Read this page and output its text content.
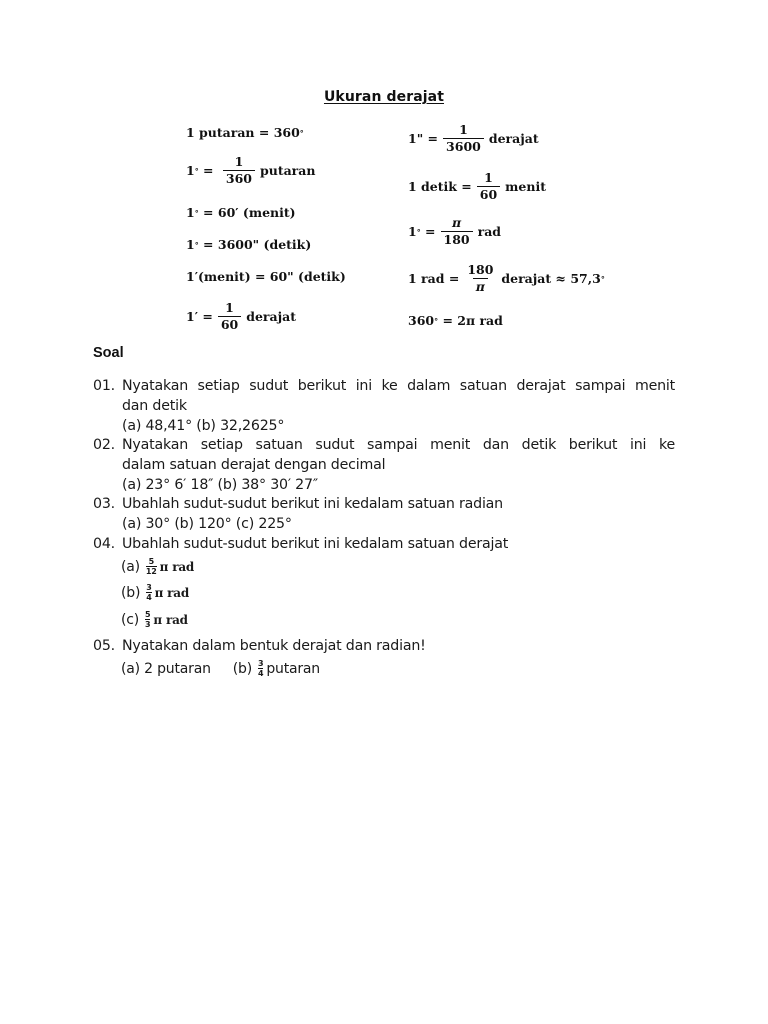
Ukuran derajat
1 putaran = 360 °
1 ° = $\frac{1}{360}$ putaran
1 ° = 60′ (menit)
1 ° = 3600" (detik)
1′(menit) = 60" (detik)
$1' = \frac{1}{60}$ derajat
1" = $\frac{1}{3600}$ derajat
1 detik = $\frac{1}{60}$ menit
1 ° = $\frac{\pi}{180}$ rad
1 rad = $\frac{180}{\pi}$ derajat ≈ 57,3 °
360 ° = 2π rad
Soal
01. Nyatakan setiap sudut berikut ini ke dalam satuan derajat sampai menit
dan detik
(a) 48,41° (b) 32,2625°
02. Nyatakan setiap satuan sudut sampai menit dan detik berikut ini ke
dalam satuan derajat dengan decimal
(a) 23° 6′ 18″ (b) 38° 30′ 27″
03. Ubahlah sudut-sudut berikut ini kedalam satuan radian
(a) 30° (b) 120° (c) 225°
04. Ubahlah sudut-sudut berikut ini kedalam satuan derajat
$(a) \frac{5}{12}$ π rad
$(b) \frac{3}{4}$ π rad
$(c) \frac{5}{3}$ π rad
05. Nyatakan dalam bentuk derajat dan radian!
(a) 2 putaran $(b) \frac{3}{4}$ putaran
